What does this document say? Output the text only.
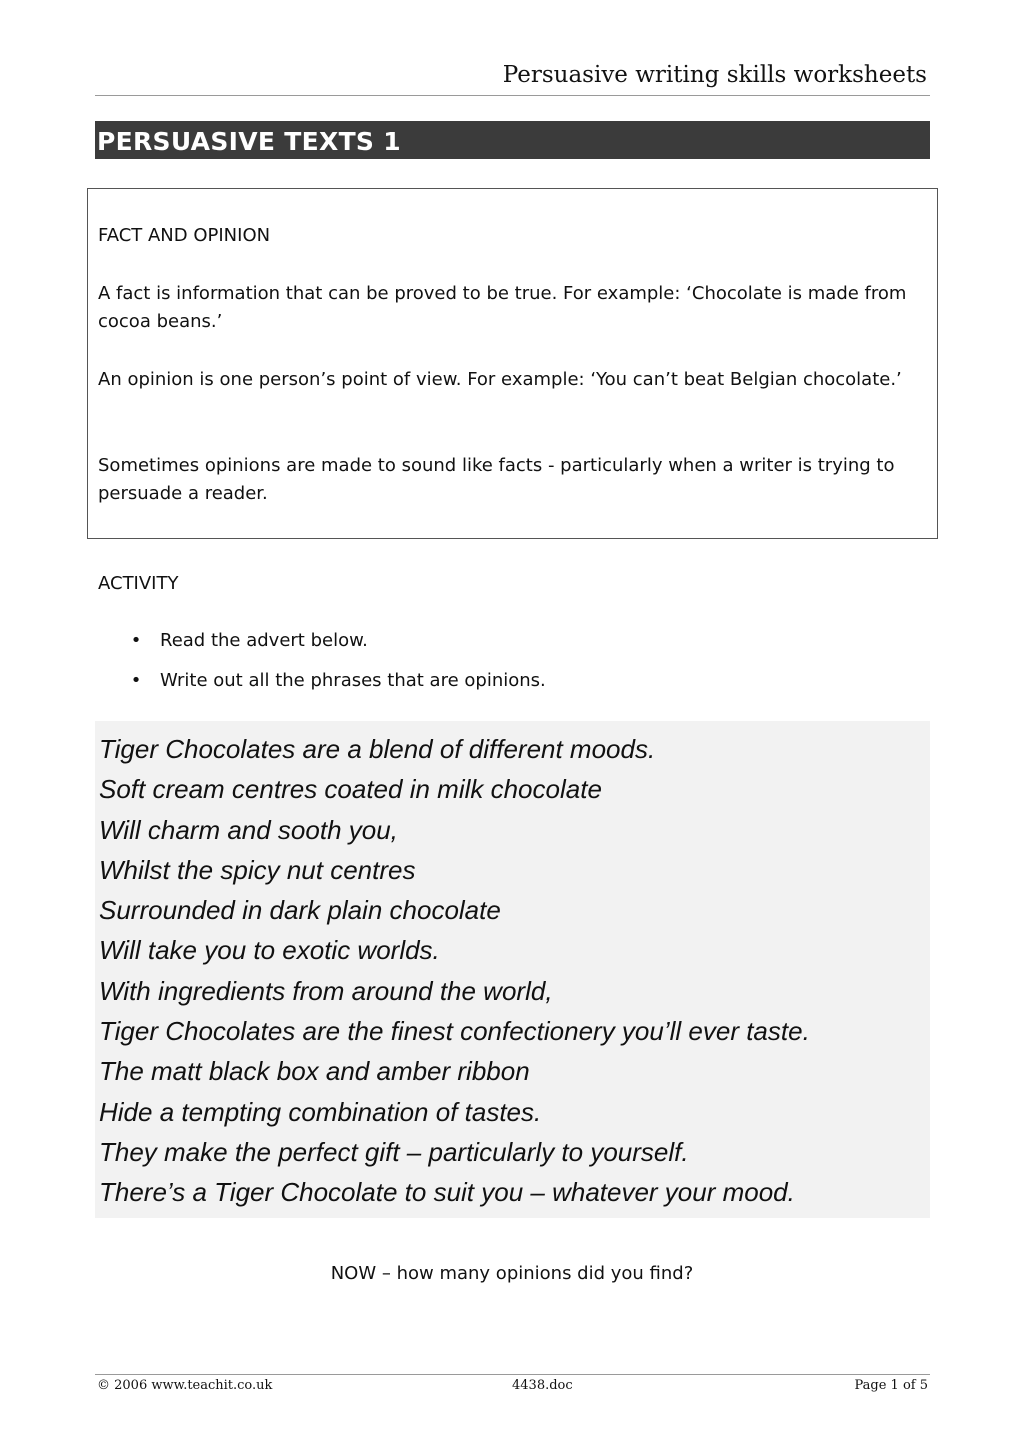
Persuasive writing skills worksheets
PERSUASIVE TEXTS 1
FACT AND OPINION
A fact is information that can be proved to be true. For example: ‘Chocolate is made from cocoa beans.’
An opinion is one person’s point of view. For example: ‘You can’t beat Belgian chocolate.’
Sometimes opinions are made to sound like facts - particularly when a writer is trying to persuade a reader.
ACTIVITY
• Read the advert below.
• Write out all the phrases that are opinions.
Tiger Chocolates are a blend of different moods.
Soft cream centres coated in milk chocolate
Will charm and sooth you,
Whilst the spicy nut centres
Surrounded in dark plain chocolate
Will take you to exotic worlds.
With ingredients from around the world,
Tiger Chocolates are the finest confectionery you’ll ever taste.
The matt black box and amber ribbon
Hide a tempting combination of tastes.
They make the perfect gift – particularly to yourself.
There’s a Tiger Chocolate to suit you – whatever your mood.
NOW – how many opinions did you find?
© 2006 www.teachit.co.uk	4438.doc	Page 1 of 5
